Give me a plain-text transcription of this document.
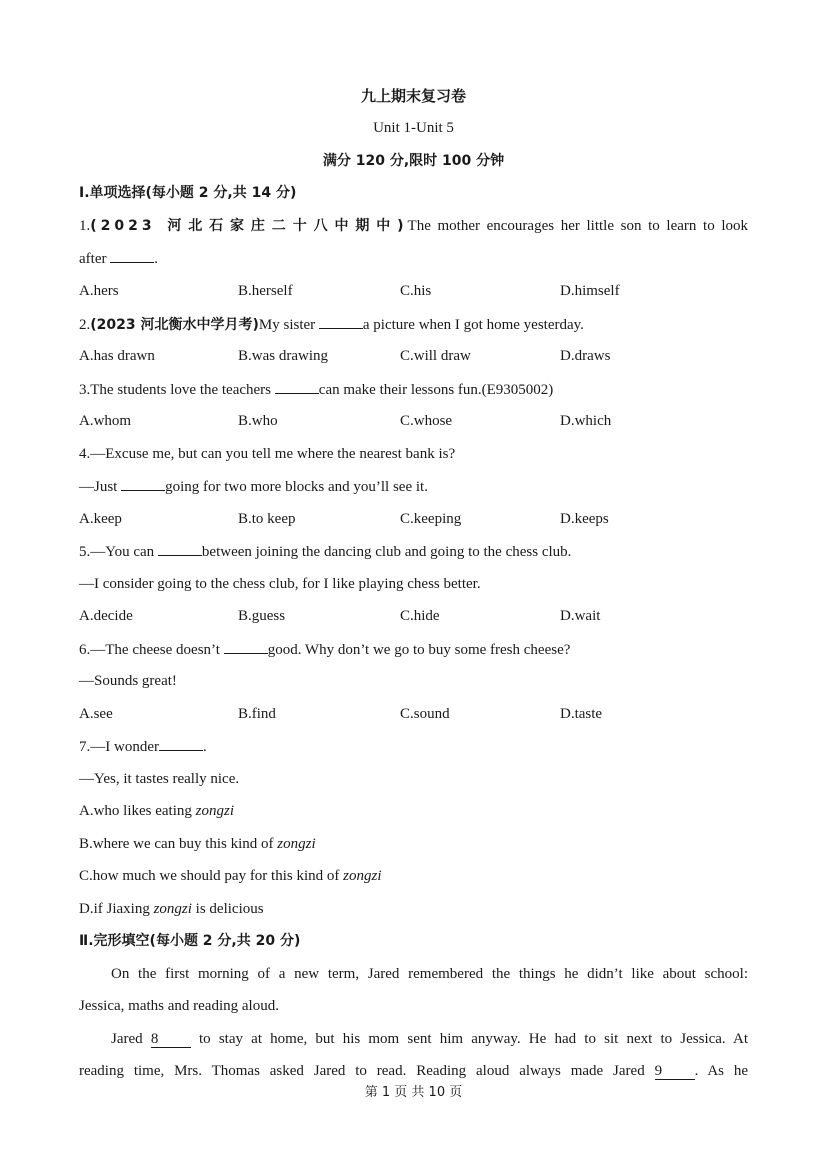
九上期末复习卷
Unit 1-Unit 5
满分 120 分,限时 100 分钟
Ⅰ.单项选择(每小题 2 分,共 14 分)
1.(2023 河北石家庄二十八中期中)The mother encourages her little son to learn to look
after	.
A.hers	B.herself	C.his	D.himself
2.(2023 河北衡水中学月考)My sister	a picture when I got home yesterday.
A.has drawn	B.was drawing	C.will draw	D.draws
3.The students love the teachers	can make their lessons fun.(E9305002)
A.whom	B.who	C.whose	D.which
4.—Excuse me, but can you tell me where the nearest bank is?
—Just	going for two more blocks and you’ll see it.
A.keep	B.to keep	C.keeping	D.keeps
5.—You can	between joining the dancing club and going to the chess club.
—I consider going to the chess club, for I like playing chess better.
A.decide	B.guess	C.hide	D.wait
6.—The cheese doesn’t	good. Why don’t we go to buy some fresh cheese?
—Sounds great!
A.see	B.find	C.sound	D.taste
7.—I wonder	.
—Yes, it tastes really nice.
A.who likes eating zongzi
B.where we can buy this kind of zongzi
C.how much we should pay for this kind of zongzi
D.if Jiaxing zongzi is delicious
Ⅱ.完形填空(每小题 2 分,共 20 分)
On the first morning of a new term, Jared remembered the things he didn’t like about school:
Jessica, maths and reading aloud.
Jared 8	to stay at home, but his mom sent him anyway. He had to sit next to Jessica. At
reading time, Mrs. Thomas asked Jared to read. Reading aloud always made Jared 9 . As he
第 1 页 共 10 页
